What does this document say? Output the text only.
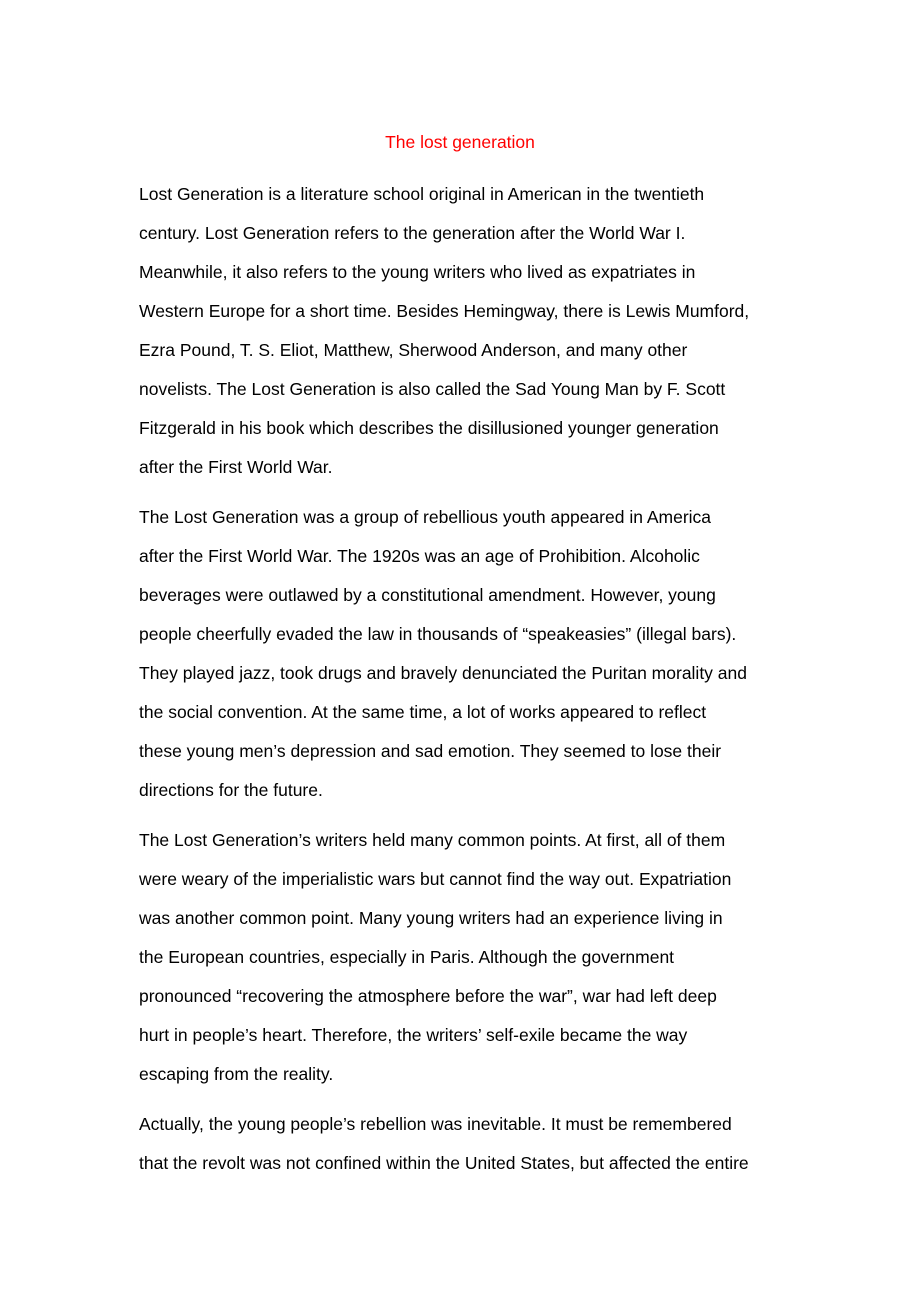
The lost generation
Lost Generation is a literature school original in American in the twentieth
century. Lost Generation refers to the generation after the World War I.
Meanwhile, it also refers to the young writers who lived as expatriates in
Western Europe for a short time. Besides Hemingway, there is Lewis Mumford,
Ezra Pound, T. S. Eliot, Matthew, Sherwood Anderson, and many other
novelists. The Lost Generation is also called the Sad Young Man by F. Scott
Fitzgerald in his book which describes the disillusioned younger generation
after the First World War.
The Lost Generation was a group of rebellious youth appeared in America
after the First World War. The 1920s was an age of Prohibition. Alcoholic
beverages were outlawed by a constitutional amendment. However, young
people cheerfully evaded the law in thousands of “speakeasies” (illegal bars).
They played jazz, took drugs and bravely denunciated the Puritan morality and
the social convention. At the same time, a lot of works appeared to reflect
these young men’s depression and sad emotion. They seemed to lose their
directions for the future.
The Lost Generation’s writers held many common points. At first, all of them
were weary of the imperialistic wars but cannot find the way out. Expatriation
was another common point. Many young writers had an experience living in
the European countries, especially in Paris. Although the government
pronounced “recovering the atmosphere before the war”, war had left deep
hurt in people’s heart. Therefore, the writers’ self-exile became the way
escaping from the reality.
Actually, the young people’s rebellion was inevitable. It must be remembered
that the revolt was not confined within the United States, but affected the entire
